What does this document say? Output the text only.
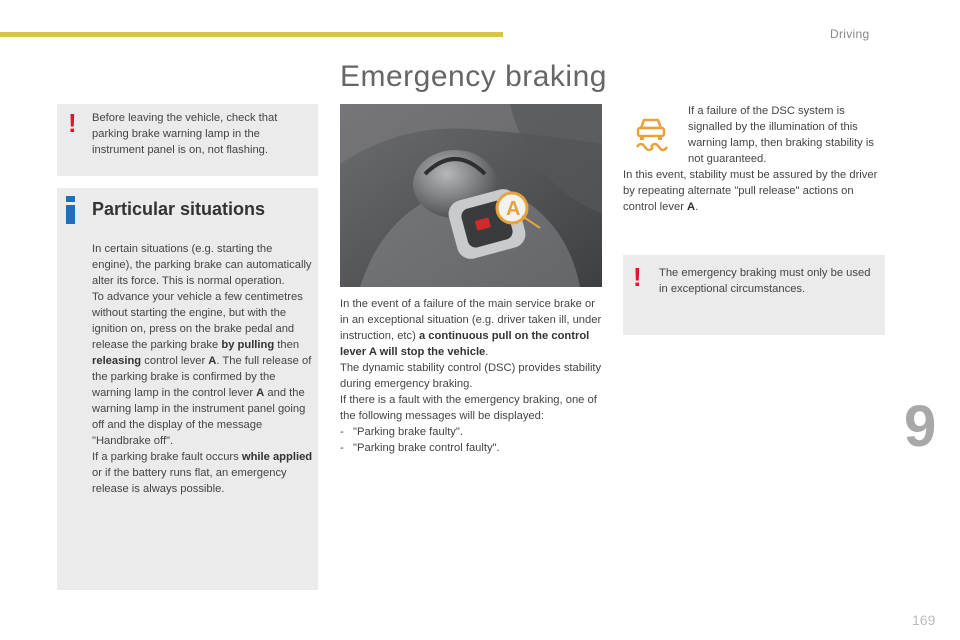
Driving
Emergency braking
! Before leaving the vehicle, check that parking brake warning lamp in the instrument panel is on, not flashing.
Particular situations
In certain situations (e.g. starting the engine), the parking brake can automatically alter its force. This is normal operation.
To advance your vehicle a few centimetres without starting the engine, but with the ignition on, press on the brake pedal and release the parking brake by pulling then releasing control lever A. The full release of the parking brake is confirmed by the warning lamp in the control lever A and the warning lamp in the instrument panel going off and the display of the message "Handbrake off".
If a parking brake fault occurs while applied or if the battery runs flat, an emergency release is always possible.
A
In the event of a failure of the main service brake or in an exceptional situation (e.g. driver taken ill, under instruction, etc) a continuous pull on the control lever A will stop the vehicle.
The dynamic stability control (DSC) provides stability during emergency braking.
If there is a fault with the emergency braking, one of the following messages will be displayed:

-   "Parking brake faulty".
-   "Parking brake control faulty".
If a failure of the DSC system is signalled by the illumination of this warning lamp, then braking stability is not guaranteed.
In this event, stability must be assured by the driver by repeating alternate "pull release" actions on control lever A.
! The emergency braking must only be used in exceptional circumstances.
9
169
